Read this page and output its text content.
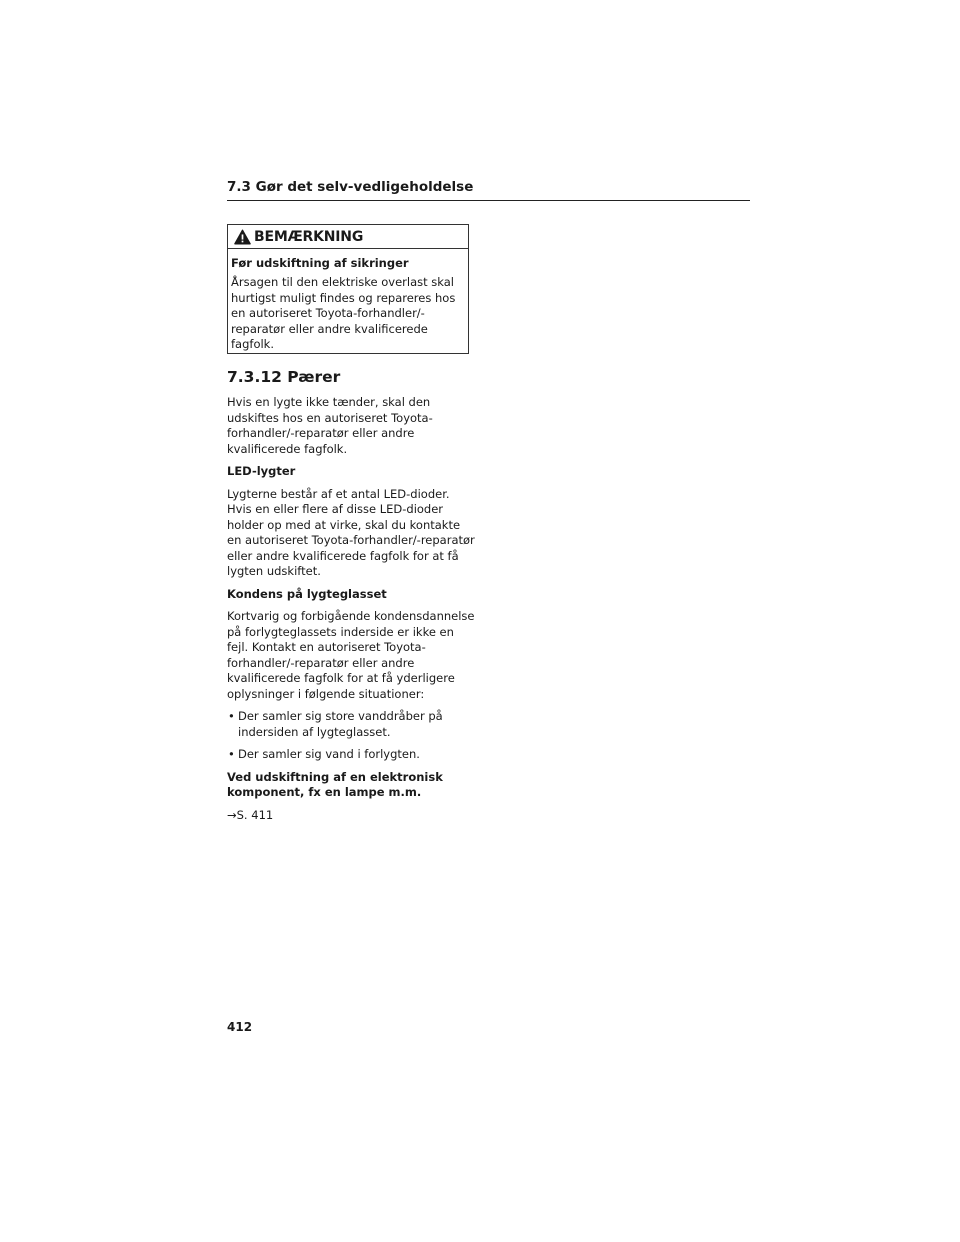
7.3 Gør det selv-vedligeholdelse
BEMÆRKNING
Før udskiftning af sikringer
Årsagen til den elektriske overlast skal hurtigst muligt findes og repareres hos en autoriseret Toyota-forhandler/-reparatør eller andre kvalificerede fagfolk.
7.3.12 Pærer

Hvis en lygte ikke tænder, skal den udskiftes hos en autoriseret Toyota-forhandler/-reparatør eller andre kvalificerede fagfolk.

LED-lygter

Lygterne består af et antal LED-dioder. Hvis en eller flere af disse LED-dioder holder op med at virke, skal du kontakte en autoriseret Toyota-forhandler/-reparatør eller andre kvalificerede fagfolk for at få lygten udskiftet.

Kondens på lygteglasset

Kortvarig og forbigående kondensdannelse på forlygteglassets inderside er ikke en fejl. Kontakt en autoriseret Toyota-forhandler/-reparatør eller andre kvalificerede fagfolk for at få yderligere oplysninger i følgende situationer:

• Der samler sig store vanddråber på indersiden af lygteglasset.
• Der samler sig vand i forlygten.

Ved udskiftning af en elektronisk komponent, fx en lampe m.m.

→S. 411

412
